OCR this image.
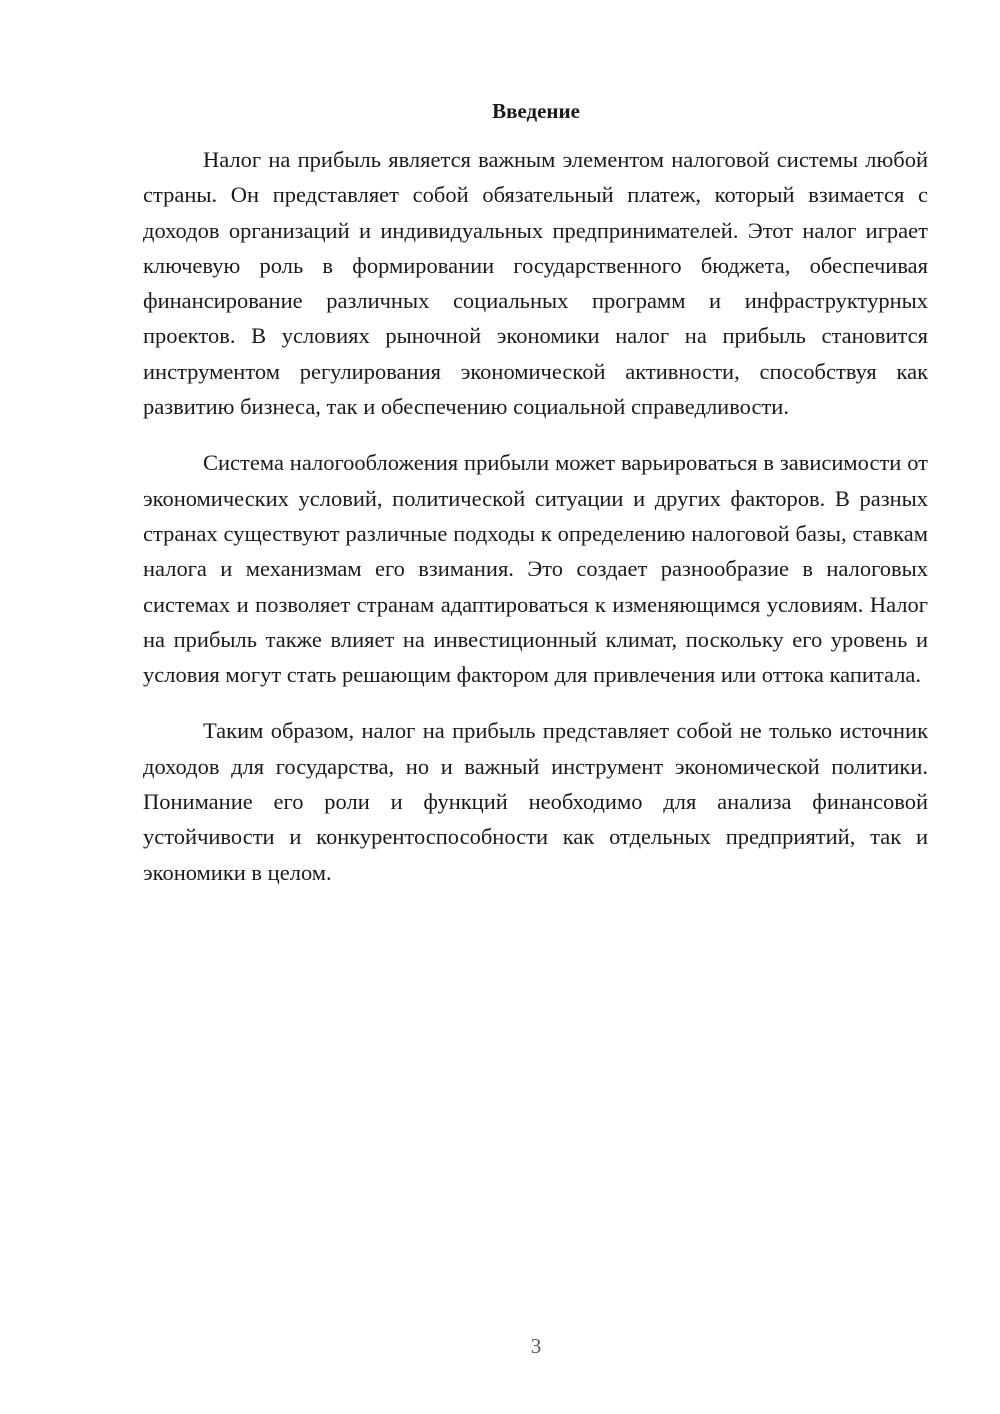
Введение

Налог на прибыль является важным элементом налоговой системы любой страны. Он представляет собой обязательный платеж, который взимается с доходов организаций и индивидуальных предпринимателей. Этот налог играет ключевую роль в формировании государственного бюджета, обеспечивая финансирование различных социальных программ и инфраструктурных проектов. В условиях рыночной экономики налог на прибыль становится инструментом регулирования экономической активности, способствуя как развитию бизнеса, так и обеспечению социальной справедливости.

Система налогообложения прибыли может варьироваться в зависимости от экономических условий, политической ситуации и других факторов. В разных странах существуют различные подходы к определению налоговой базы, ставкам налога и механизмам его взимания. Это создает разнообразие в налоговых системах и позволяет странам адаптироваться к изменяющимся условиям. Налог на прибыль также влияет на инвестиционный климат, поскольку его уровень и условия могут стать решающим фактором для привлечения или оттока капитала.

Таким образом, налог на прибыль представляет собой не только источник доходов для государства, но и важный инструмент экономической политики. Понимание его роли и функций необходимо для анализа финансовой устойчивости и конкурентоспособности как отдельных предприятий, так и экономики в целом.

3
